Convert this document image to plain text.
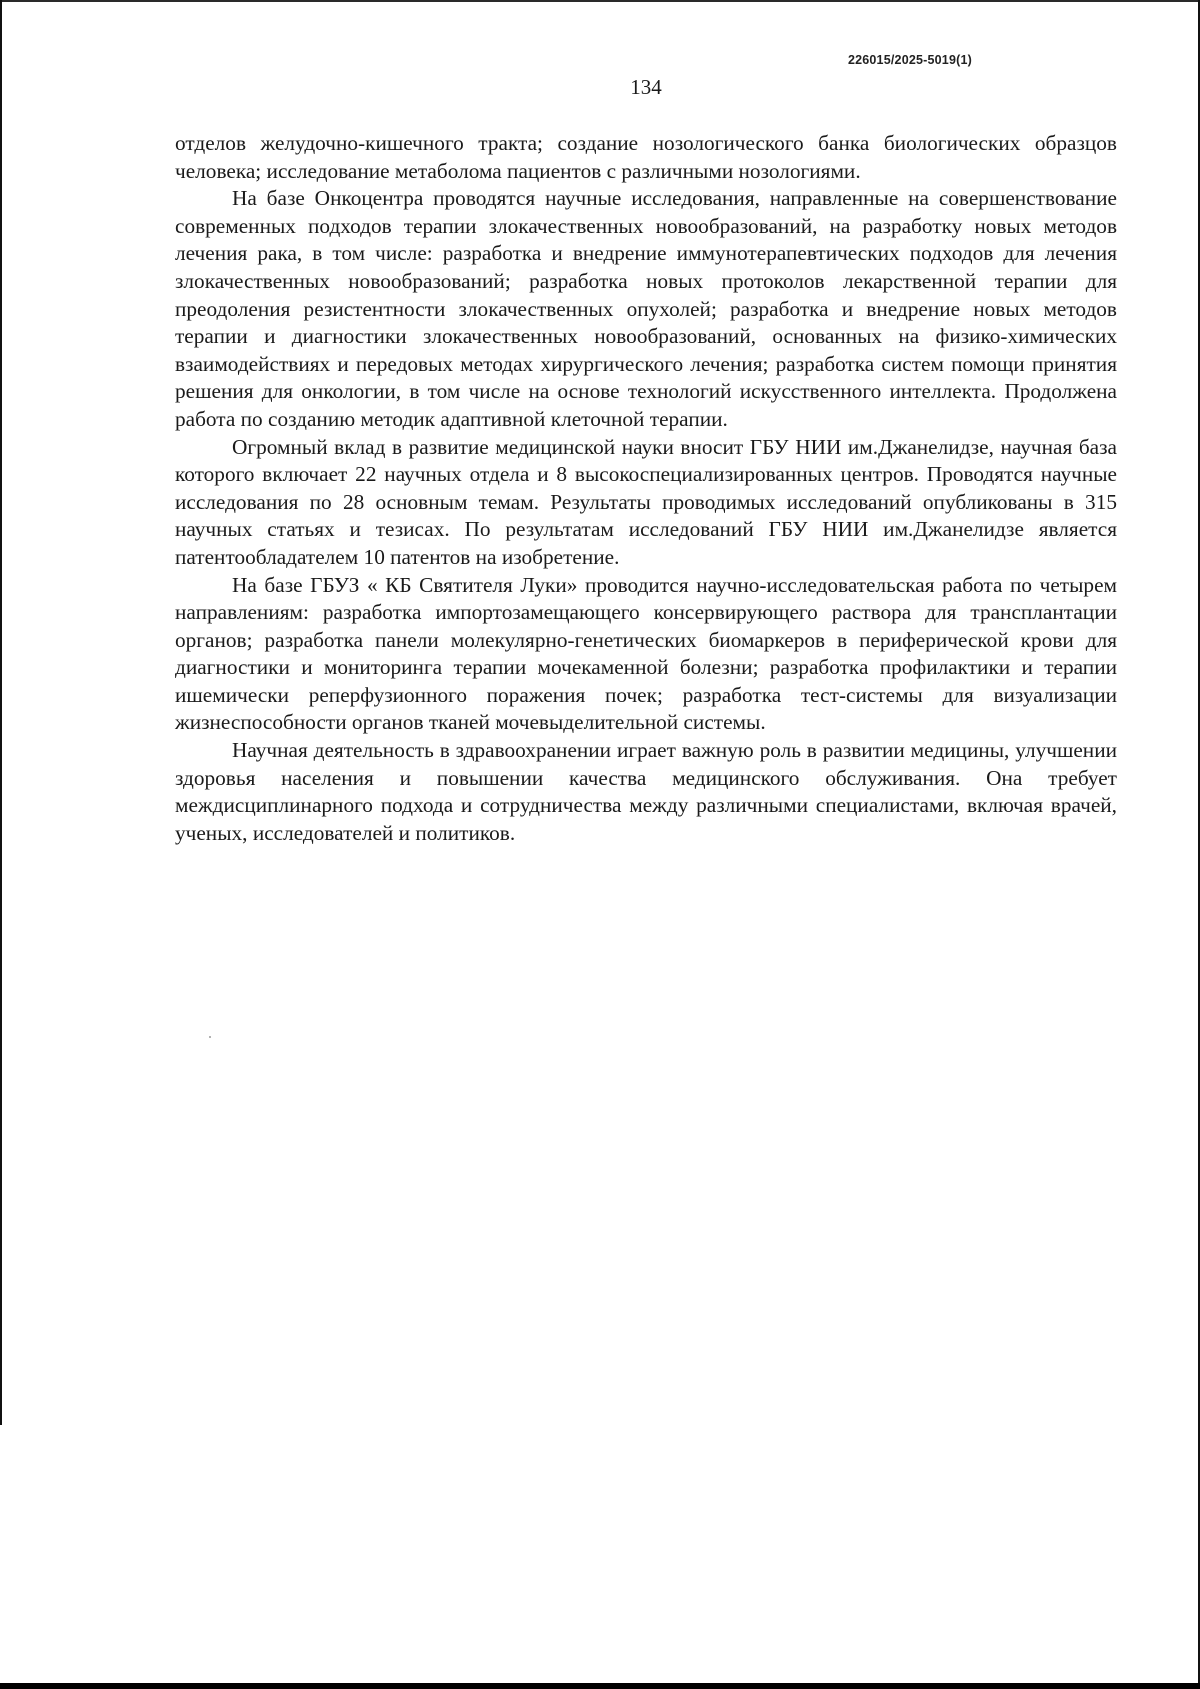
226015/2025-5019(1)
134

отделов желудочно-кишечного тракта; создание нозологического банка биологических образцов человека; исследование метаболома пациентов с различными нозологиями.

На базе Онкоцентра проводятся научные исследования, направленные на совершенствование современных подходов терапии злокачественных новообразований, на разработку новых методов лечения рака, в том числе: разработка и внедрение иммунотерапевтических подходов для лечения злокачественных новообразований; разработка новых протоколов лекарственной терапии для преодоления резистентности злокачественных опухолей; разработка и внедрение новых методов терапии и диагностики злокачественных новообразований, основанных на физико-химических взаимодействиях и передовых методах хирургического лечения; разработка систем помощи принятия решения для онкологии, в том числе на основе технологий искусственного интеллекта. Продолжена работа по созданию методик адаптивной клеточной терапии.

Огромный вклад в развитие медицинской науки вносит ГБУ НИИ им.Джанелидзе, научная база которого включает 22 научных отдела и 8 высокоспециализированных центров. Проводятся научные исследования по 28 основным темам. Результаты проводимых исследований опубликованы в 315 научных статьях и тезисах. По результатам исследований ГБУ НИИ им.Джанелидзе является патентообладателем 10 патентов на изобретение.

На базе ГБУЗ « КБ Святителя Луки» проводится научно-исследовательская работа по четырем направлениям: разработка импортозамещающего консервирующего раствора для трансплантации органов; разработка панели молекулярно-генетических биомаркеров в периферической крови для диагностики и мониторинга терапии мочекаменной болезни; разработка профилактики и терапии ишемически реперфузионного поражения почек; разработка тест-системы для визуализации жизнеспособности органов тканей мочевыделительной системы.

Научная деятельность в здравоохранении играет важную роль в развитии медицины, улучшении здоровья населения и повышении качества медицинского обслуживания. Она требует междисциплинарного подхода и сотрудничества между различными специалистами, включая врачей, ученых, исследователей и политиков.
